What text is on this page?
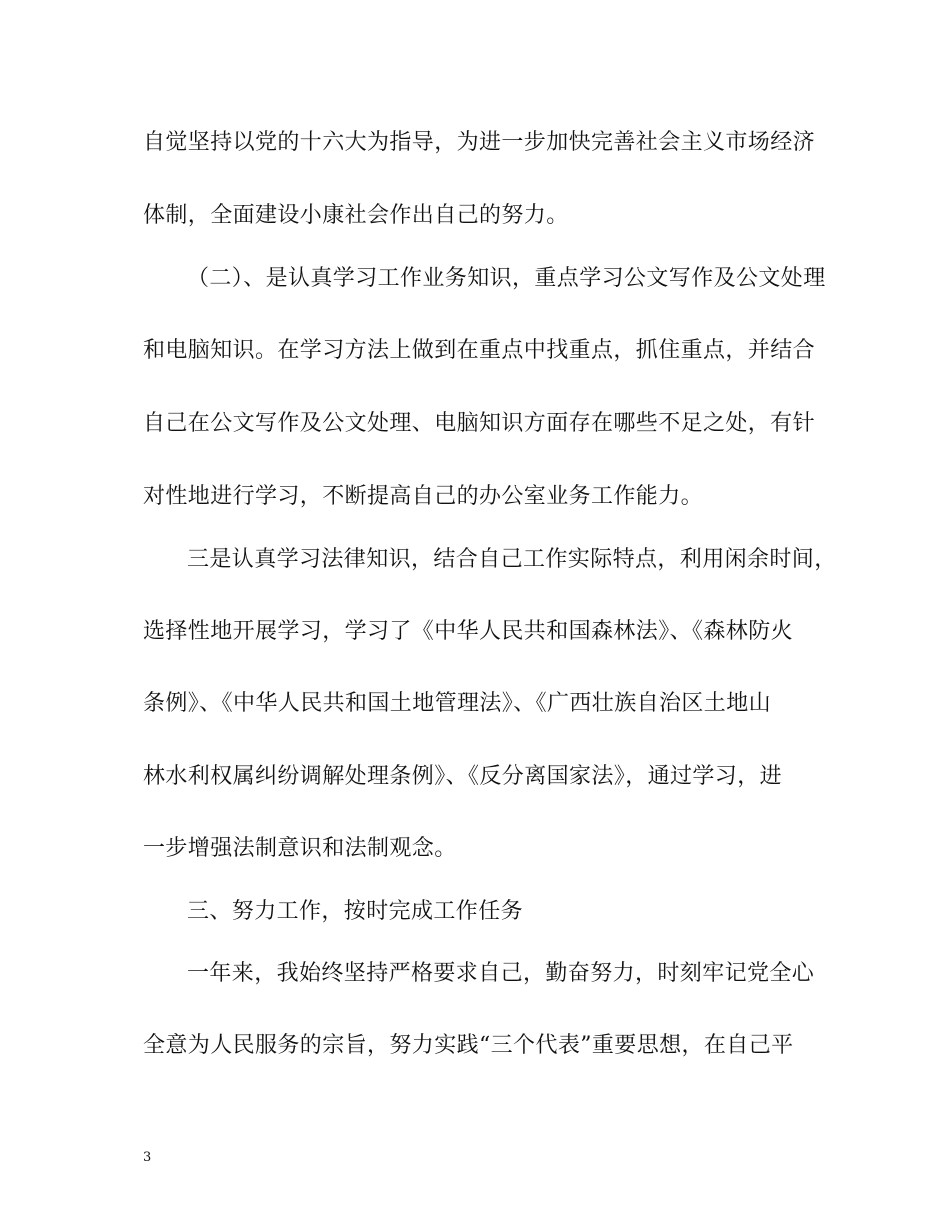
自觉坚持以党的十六大为指导，为进一步加快完善社会主义市场经济
体制，全面建设小康社会作出自己的努力。
（二）、是认真学习工作业务知识，重点学习公文写作及公文处理
和电脑知识。在学习方法上做到在重点中找重点，抓住重点，并结合
自己在公文写作及公文处理、电脑知识方面存在哪些不足之处，有针
对性地进行学习，不断提高自己的办公室业务工作能力。
三是认真学习法律知识，结合自己工作实际特点，利用闲余时间，
选择性地开展学习，学习了《中华人民共和国森林法》、《森林防火
条例》、《中华人民共和国土地管理法》、《广西壮族自治区土地山
林水利权属纠纷调解处理条例》、《反分离国家法》，通过学习，进
一步增强法制意识和法制观念。
三、努力工作，按时完成工作任务
一年来，我始终坚持严格要求自己，勤奋努力，时刻牢记党全心
全意为人民服务的宗旨，努力实践“三个代表”重要思想，在自己平
3
